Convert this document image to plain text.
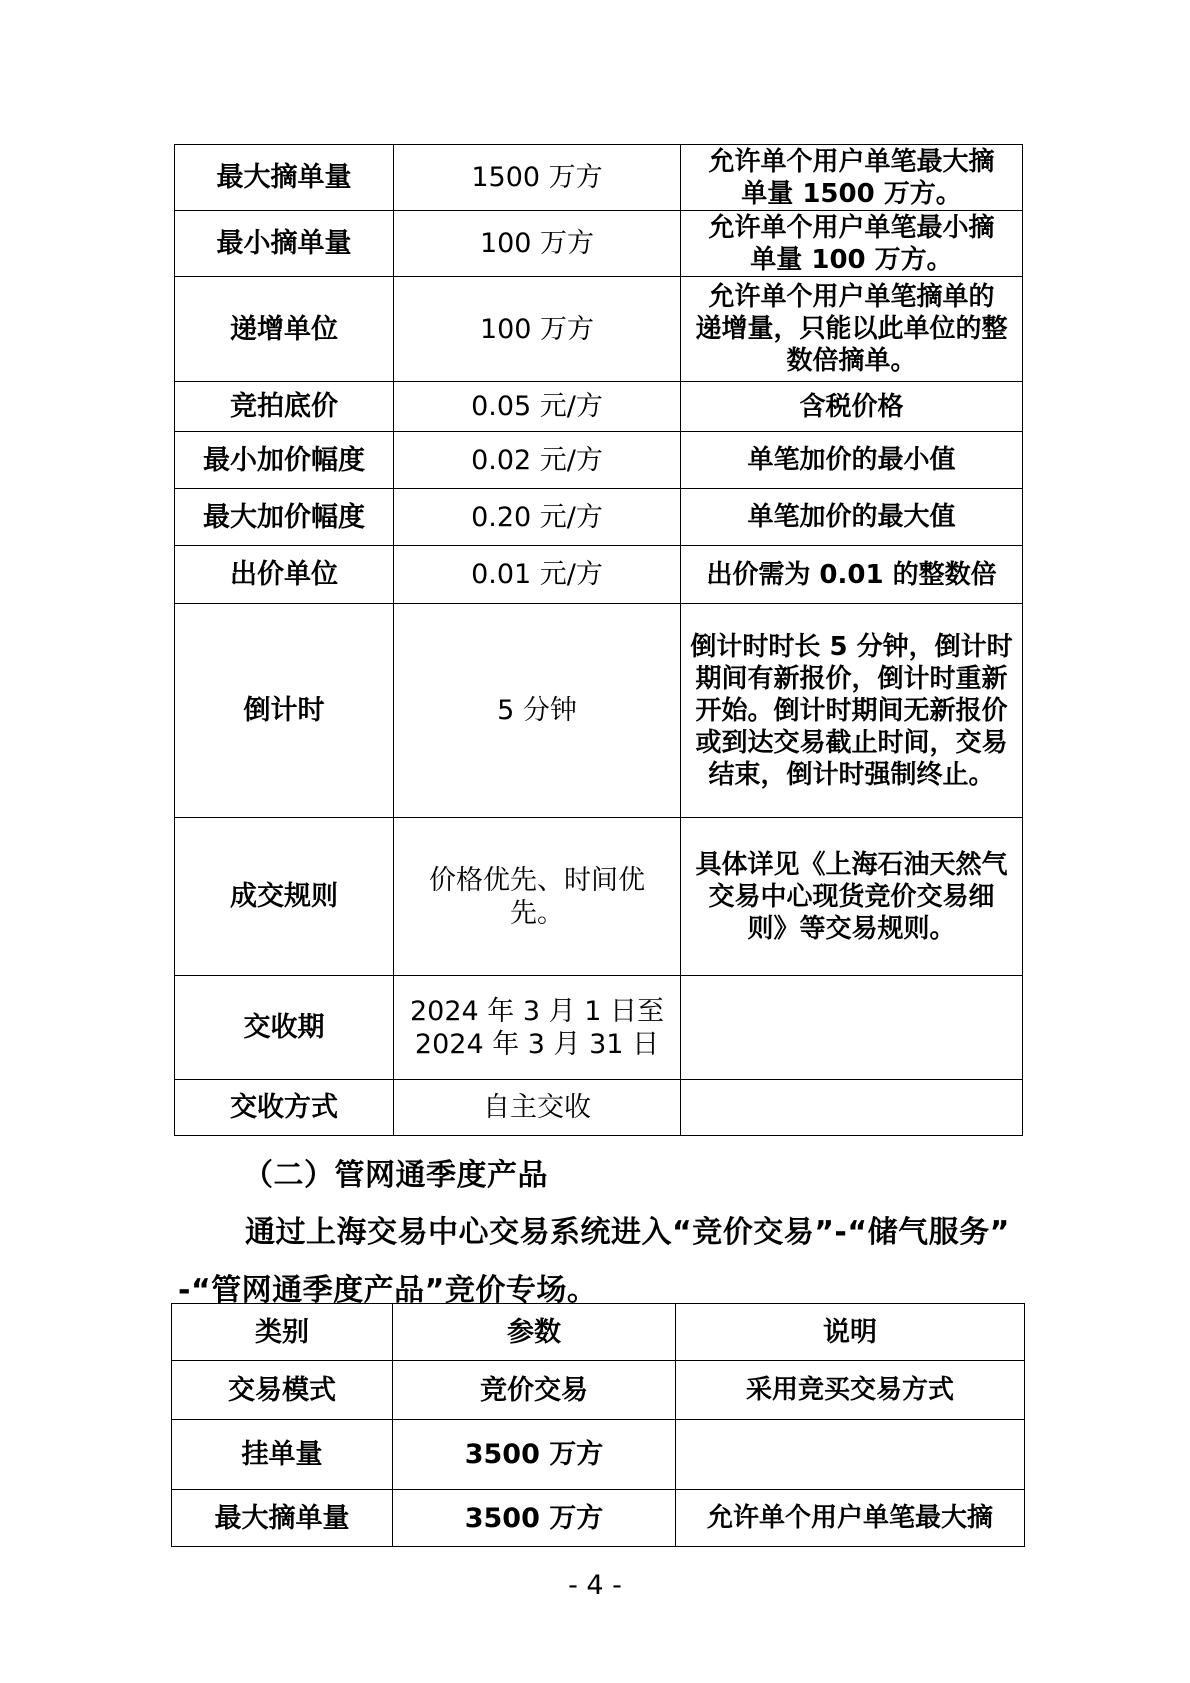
最大摘单量	1500 万方	允许单个用户单笔最大摘
单量 1500 万方。

最小摘单量	100 万方	允许单个用户单笔最小摘
单量 100 万方。

递增单位	100 万方	允许单个用户单笔摘单的
递增量，只能以此单位的整
数倍摘单。

竞拍底价	0.05 元/方	含税价格

最小加价幅度	0.02 元/方	单笔加价的最小值

最大加价幅度	0.20 元/方	单笔加价的最大值

出价单位	0.01 元/方	出价需为 0.01 的整数倍

倒计时	5 分钟	倒计时时长 5 分钟，倒计时
期间有新报价，倒计时重新
开始。倒计时期间无新报价
或到达交易截止时间，交易
结束，倒计时强制终止。

成交规则	价格优先、时间优先。	具体详见《上海石油天然气
交易中心现货竞价交易细
则》等交易规则。

交收期	2024 年 3 月 1 日至
2024 年 3 月 31 日	

交收方式	自主交收	
（二）管网通季度产品
通过上海交易中心交易系统进入“竞价交易”-“储气服务”
-“管网通季度产品”竞价专场。
类别	参数	说明
交易模式	竞价交易	采用竞买交易方式
挂单量	3500 万方	
最大摘单量	3500 万方	允许单个用户单笔最大摘
- 4 -
